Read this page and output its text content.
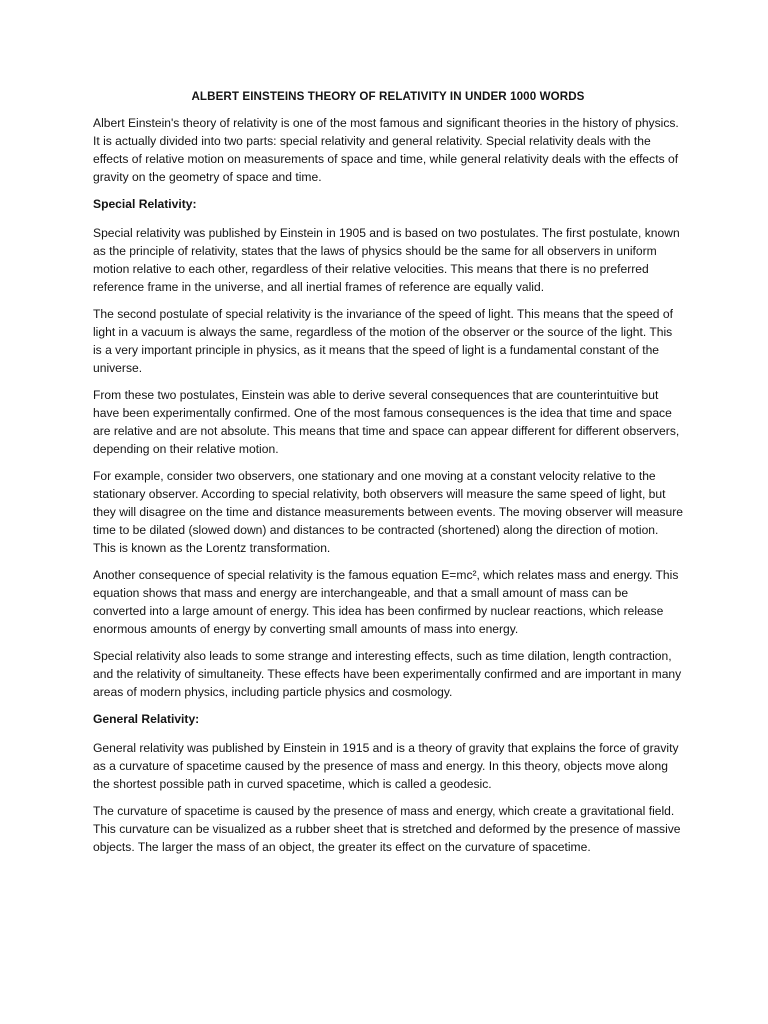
ALBERT EINSTEINS THEORY OF RELATIVITY IN UNDER 1000 WORDS

Albert Einstein's theory of relativity is one of the most famous and significant theories in the history of physics. It is actually divided into two parts: special relativity and general relativity. Special relativity deals with the effects of relative motion on measurements of space and time, while general relativity deals with the effects of gravity on the geometry of space and time.

Special Relativity:

Special relativity was published by Einstein in 1905 and is based on two postulates. The first postulate, known as the principle of relativity, states that the laws of physics should be the same for all observers in uniform motion relative to each other, regardless of their relative velocities. This means that there is no preferred reference frame in the universe, and all inertial frames of reference are equally valid.

The second postulate of special relativity is the invariance of the speed of light. This means that the speed of light in a vacuum is always the same, regardless of the motion of the observer or the source of the light. This is a very important principle in physics, as it means that the speed of light is a fundamental constant of the universe.

From these two postulates, Einstein was able to derive several consequences that are counterintuitive but have been experimentally confirmed. One of the most famous consequences is the idea that time and space are relative and are not absolute. This means that time and space can appear different for different observers, depending on their relative motion.

For example, consider two observers, one stationary and one moving at a constant velocity relative to the stationary observer. According to special relativity, both observers will measure the same speed of light, but they will disagree on the time and distance measurements between events. The moving observer will measure time to be dilated (slowed down) and distances to be contracted (shortened) along the direction of motion. This is known as the Lorentz transformation.

Another consequence of special relativity is the famous equation E=mc², which relates mass and energy. This equation shows that mass and energy are interchangeable, and that a small amount of mass can be converted into a large amount of energy. This idea has been confirmed by nuclear reactions, which release enormous amounts of energy by converting small amounts of mass into energy.

Special relativity also leads to some strange and interesting effects, such as time dilation, length contraction, and the relativity of simultaneity. These effects have been experimentally confirmed and are important in many areas of modern physics, including particle physics and cosmology.

General Relativity:

General relativity was published by Einstein in 1915 and is a theory of gravity that explains the force of gravity as a curvature of spacetime caused by the presence of mass and energy. In this theory, objects move along the shortest possible path in curved spacetime, which is called a geodesic.

The curvature of spacetime is caused by the presence of mass and energy, which create a gravitational field. This curvature can be visualized as a rubber sheet that is stretched and deformed by the presence of massive objects. The larger the mass of an object, the greater its effect on the curvature of spacetime.
